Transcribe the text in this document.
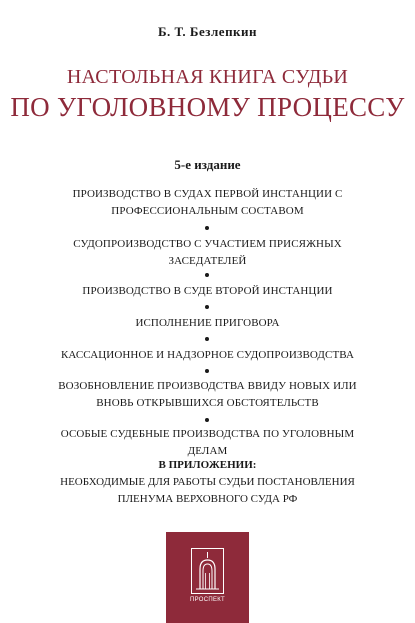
Б. Т. Безлепкин
НАСТОЛЬНАЯ КНИГА СУДЬИ
ПО УГОЛОВНОМУ ПРОЦЕССУ
5-е издание
ПРОИЗВОДСТВО В СУДАХ ПЕРВОЙ ИНСТАНЦИИ С ПРОФЕССИОНАЛЬНЫМ СОСТАВОМ
СУДОПРОИЗВОДСТВО С УЧАСТИЕМ ПРИСЯЖНЫХ ЗАСЕДАТЕЛЕЙ
ПРОИЗВОДСТВО В СУДЕ ВТОРОЙ ИНСТАНЦИИ
ИСПОЛНЕНИЕ ПРИГОВОРА
КАССАЦИОННОЕ И НАДЗОРНОЕ СУДОПРОИЗВОДСТВА
ВОЗОБНОВЛЕНИЕ ПРОИЗВОДСТВА ВВИДУ НОВЫХ ИЛИ ВНОВЬ ОТКРЫВШИХСЯ ОБСТОЯТЕЛЬСТВ
ОСОБЫЕ СУДЕБНЫЕ ПРОИЗВОДСТВА ПО УГОЛОВНЫМ ДЕЛАМ
В ПРИЛОЖЕНИИ:
НЕОБХОДИМЫЕ ДЛЯ РАБОТЫ СУДЬИ ПОСТАНОВЛЕНИЯ ПЛЕНУМА ВЕРХОВНОГО СУДА РФ
ПРОСПЕКТ
